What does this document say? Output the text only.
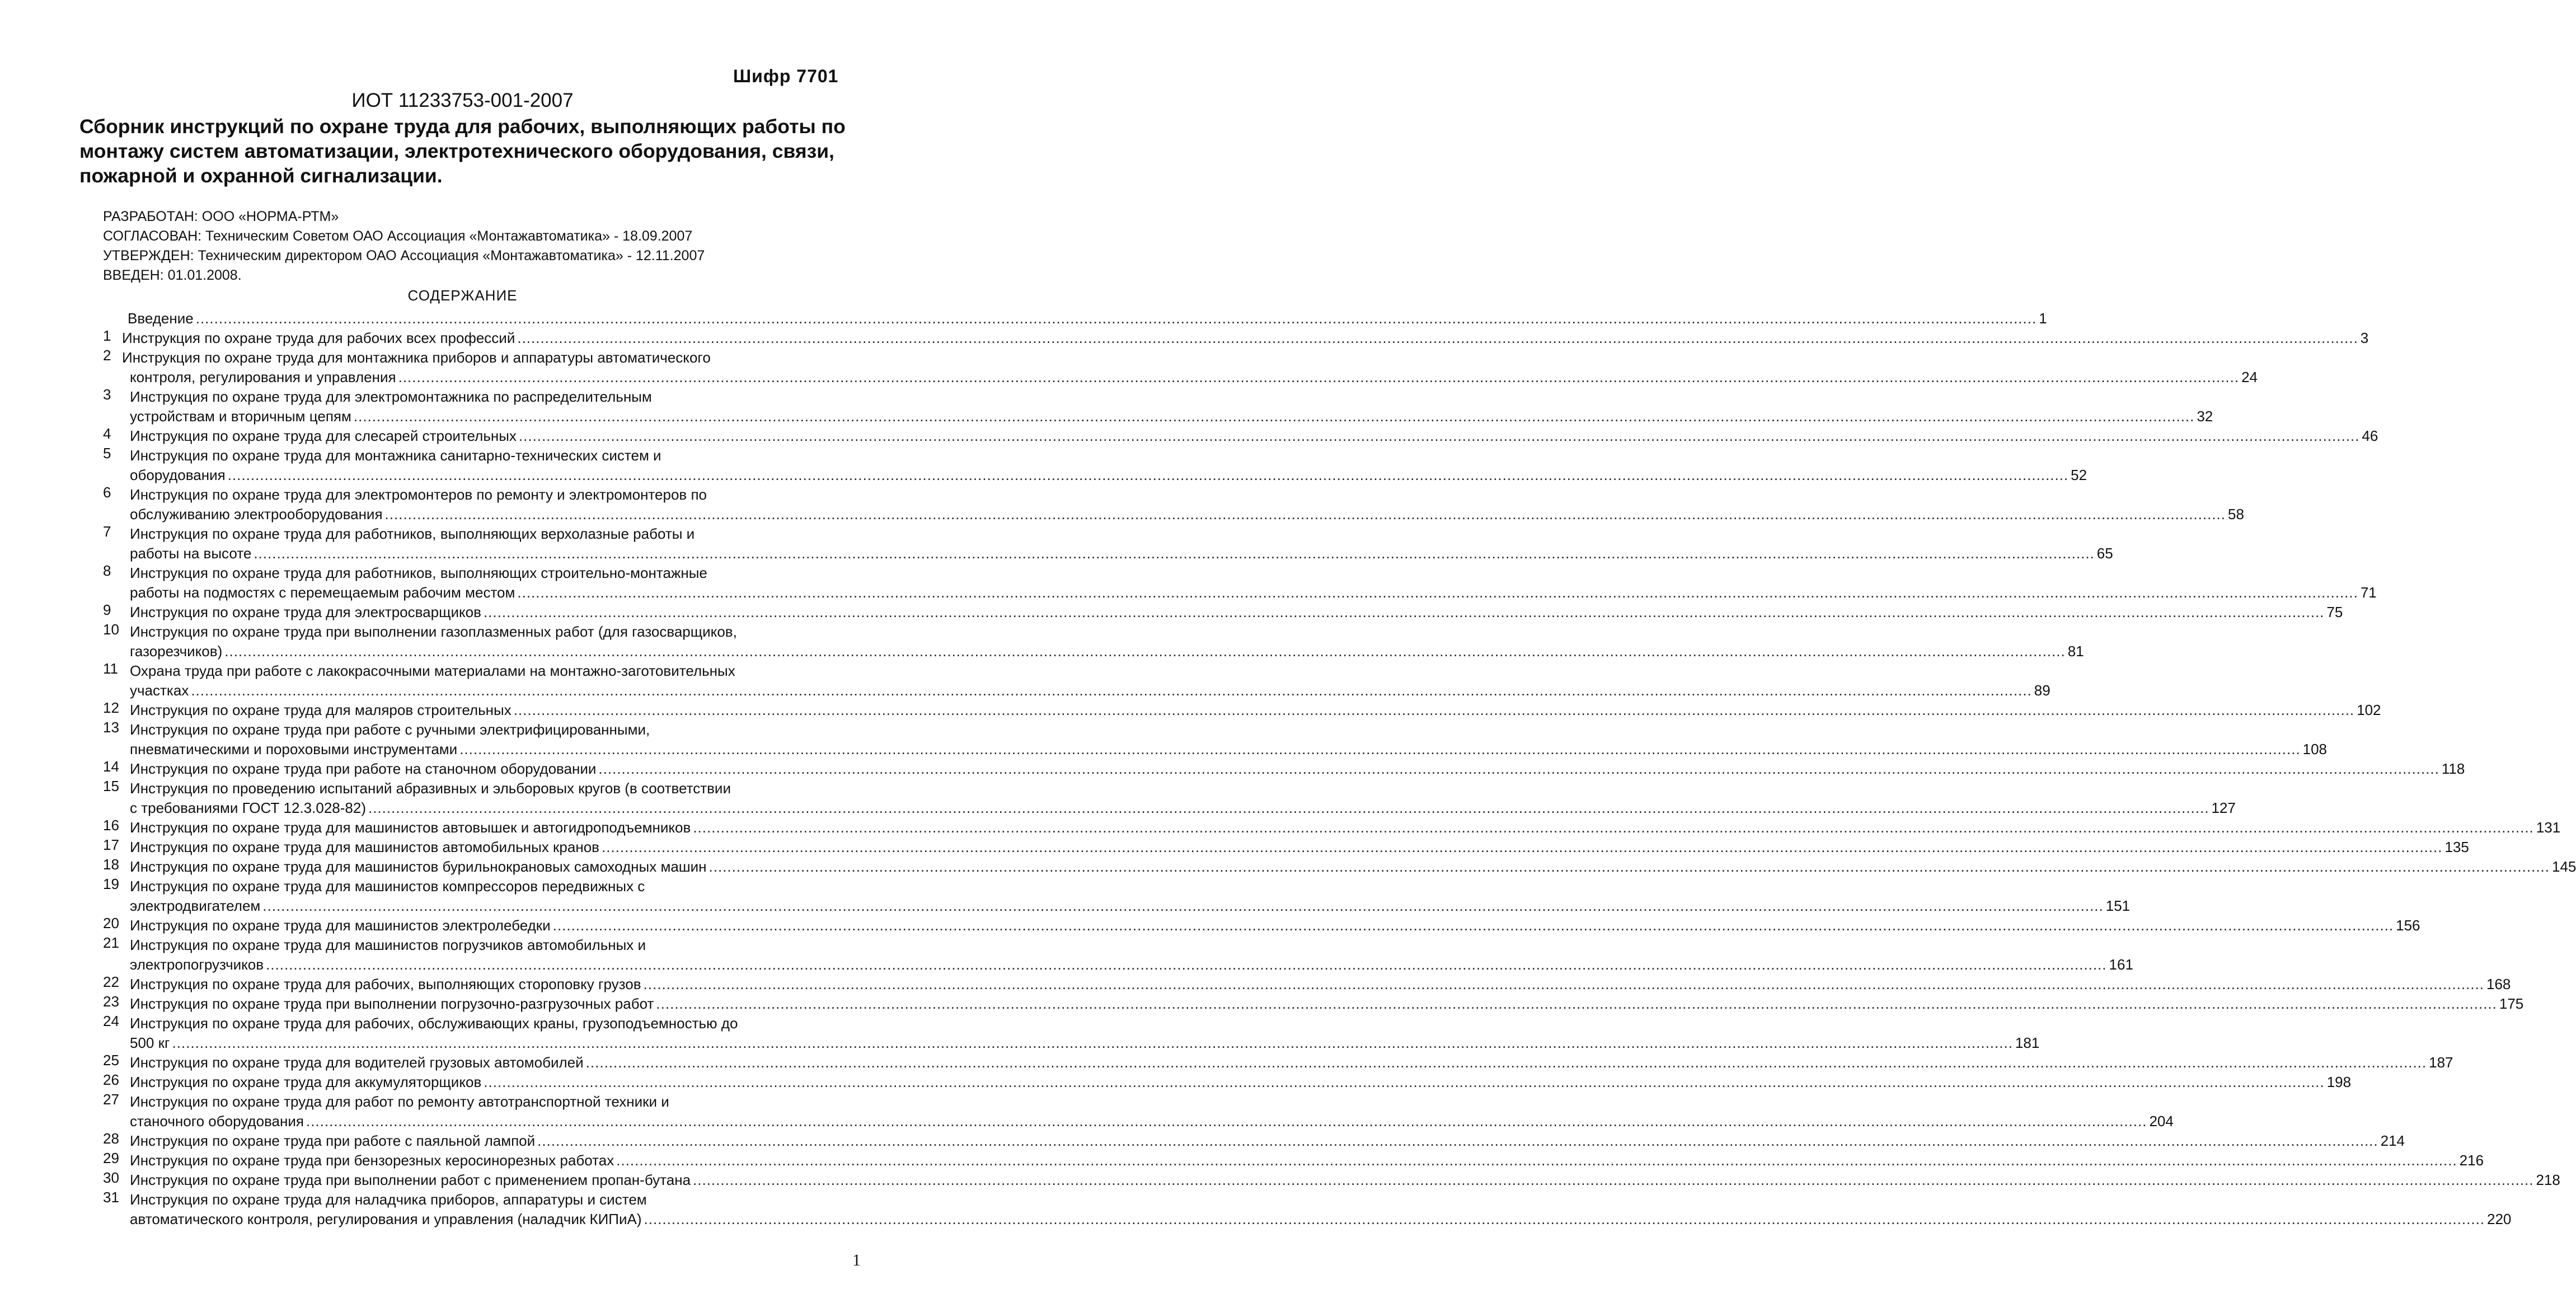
Шифр 7701
ИОТ 11233753-001-2007
Сборник инструкций по охране труда для рабочих, выполняющих работы по монтажу систем автоматизации, электротехнического оборудования, связи, пожарной и охранной сигнализации.
РАЗРАБОТАН: ООО «НОРМА-РТМ»
СОГЛАСОВАН: Техническим Советом ОАО Ассоциация «Монтажавтоматика» - 18.09.2007
УТВЕРЖДЕН: Техническим директором ОАО Ассоциация «Монтажавтоматика» - 12.11.2007
ВВЕДЕН: 01.01.2008.
СОДЕРЖАНИЕ
Введение ................................................................................................................................................................................................................................................................................................................................................................................................................ 1
1 Инструкция по охране труда для рабочих всех профессий ................................................................................................................................................................................................................................................................................................................................................................................................................ 3
2 Инструкция по охране труда для монтажника приборов и аппаратуры автоматического
контроля, регулирования и управления ................................................................................................................................................................................................................................................................................................................................................................................................................ 24
3 Инструкция по охране труда для электромонтажника по распределительным
устройствам и вторичным цепям ................................................................................................................................................................................................................................................................................................................................................................................................................ 32
4 Инструкция по охране труда для слесарей строительных ................................................................................................................................................................................................................................................................................................................................................................................................................ 46
5 Инструкция по охране труда для монтажника санитарно-технических систем и
оборудования ................................................................................................................................................................................................................................................................................................................................................................................................................ 52
6 Инструкция по охране труда для электромонтеров по ремонту и электромонтеров по
обслуживанию электрооборудования ................................................................................................................................................................................................................................................................................................................................................................................................................ 58
7 Инструкция по охране труда для работников, выполняющих верхолазные работы и
работы на высоте ................................................................................................................................................................................................................................................................................................................................................................................................................ 65
8 Инструкция по охране труда для работников, выполняющих строительно-монтажные
работы на подмостях с перемещаемым рабочим местом ................................................................................................................................................................................................................................................................................................................................................................................................................ 71
9 Инструкция по охране труда для электросварщиков ................................................................................................................................................................................................................................................................................................................................................................................................................ 75
10 Инструкция по охране труда при выполнении газоплазменных работ (для газосварщиков,
газорезчиков) ................................................................................................................................................................................................................................................................................................................................................................................................................ 81
11 Охрана труда при работе с лакокрасочными материалами на монтажно-заготовительных
участках ................................................................................................................................................................................................................................................................................................................................................................................................................ 89
12 Инструкция по охране труда для маляров строительных ................................................................................................................................................................................................................................................................................................................................................................................................................ 102
13 Инструкция по охране труда при работе с ручными электрифицированными,
пневматическими и пороховыми инструментами ................................................................................................................................................................................................................................................................................................................................................................................................................ 108
14 Инструкция по охране труда при работе на станочном оборудовании ................................................................................................................................................................................................................................................................................................................................................................................................................ 118
15 Инструкция по проведению испытаний абразивных и эльборовых кругов (в соответствии
с требованиями ГОСТ 12.3.028-82) ................................................................................................................................................................................................................................................................................................................................................................................................................ 127
16 Инструкция по охране труда для машинистов автовышек и автогидроподъемников ................................................................................................................................................................................................................................................................................................................................................................................................................ 131
17 Инструкция по охране труда для машинистов автомобильных кранов ................................................................................................................................................................................................................................................................................................................................................................................................................ 135
18 Инструкция по охране труда для машинистов бурильнокрановых самоходных машин ................................................................................................................................................................................................................................................................................................................................................................................................................ 145
19 Инструкция по охране труда для машинистов компрессоров передвижных с
электродвигателем ................................................................................................................................................................................................................................................................................................................................................................................................................ 151
20 Инструкция по охране труда для машинистов электролебедки ................................................................................................................................................................................................................................................................................................................................................................................................................ 156
21 Инструкция по охране труда для машинистов погрузчиков автомобильных и
электропогрузчиков ................................................................................................................................................................................................................................................................................................................................................................................................................ 161
22 Инструкция по охране труда для рабочих, выполняющих стороповку грузов ................................................................................................................................................................................................................................................................................................................................................................................................................ 168
23 Инструкция по охране труда при выполнении погрузочно-разгрузочных работ ................................................................................................................................................................................................................................................................................................................................................................................................................ 175
24 Инструкция по охране труда для рабочих, обслуживающих краны, грузоподъемностью до
500 кг ................................................................................................................................................................................................................................................................................................................................................................................................................ 181
25 Инструкция по охране труда для водителей грузовых автомобилей ................................................................................................................................................................................................................................................................................................................................................................................................................ 187
26 Инструкция по охране труда для аккумуляторщиков ................................................................................................................................................................................................................................................................................................................................................................................................................ 198
27 Инструкция по охране труда для работ по ремонту автотранспортной техники и
станочного оборудования ................................................................................................................................................................................................................................................................................................................................................................................................................ 204
28 Инструкция по охране труда при работе с паяльной лампой ................................................................................................................................................................................................................................................................................................................................................................................................................ 214
29 Инструкция по охране труда при бензорезных керосинорезных работах ................................................................................................................................................................................................................................................................................................................................................................................................................ 216
30 Инструкция по охране труда при выполнении работ с применением пропан-бутана ................................................................................................................................................................................................................................................................................................................................................................................................................ 218
31 Инструкция по охране труда для наладчика приборов, аппаратуры и систем
автоматического контроля, регулирования и управления (наладчик КИПиА) ................................................................................................................................................................................................................................................................................................................................................................................................................ 220
1
